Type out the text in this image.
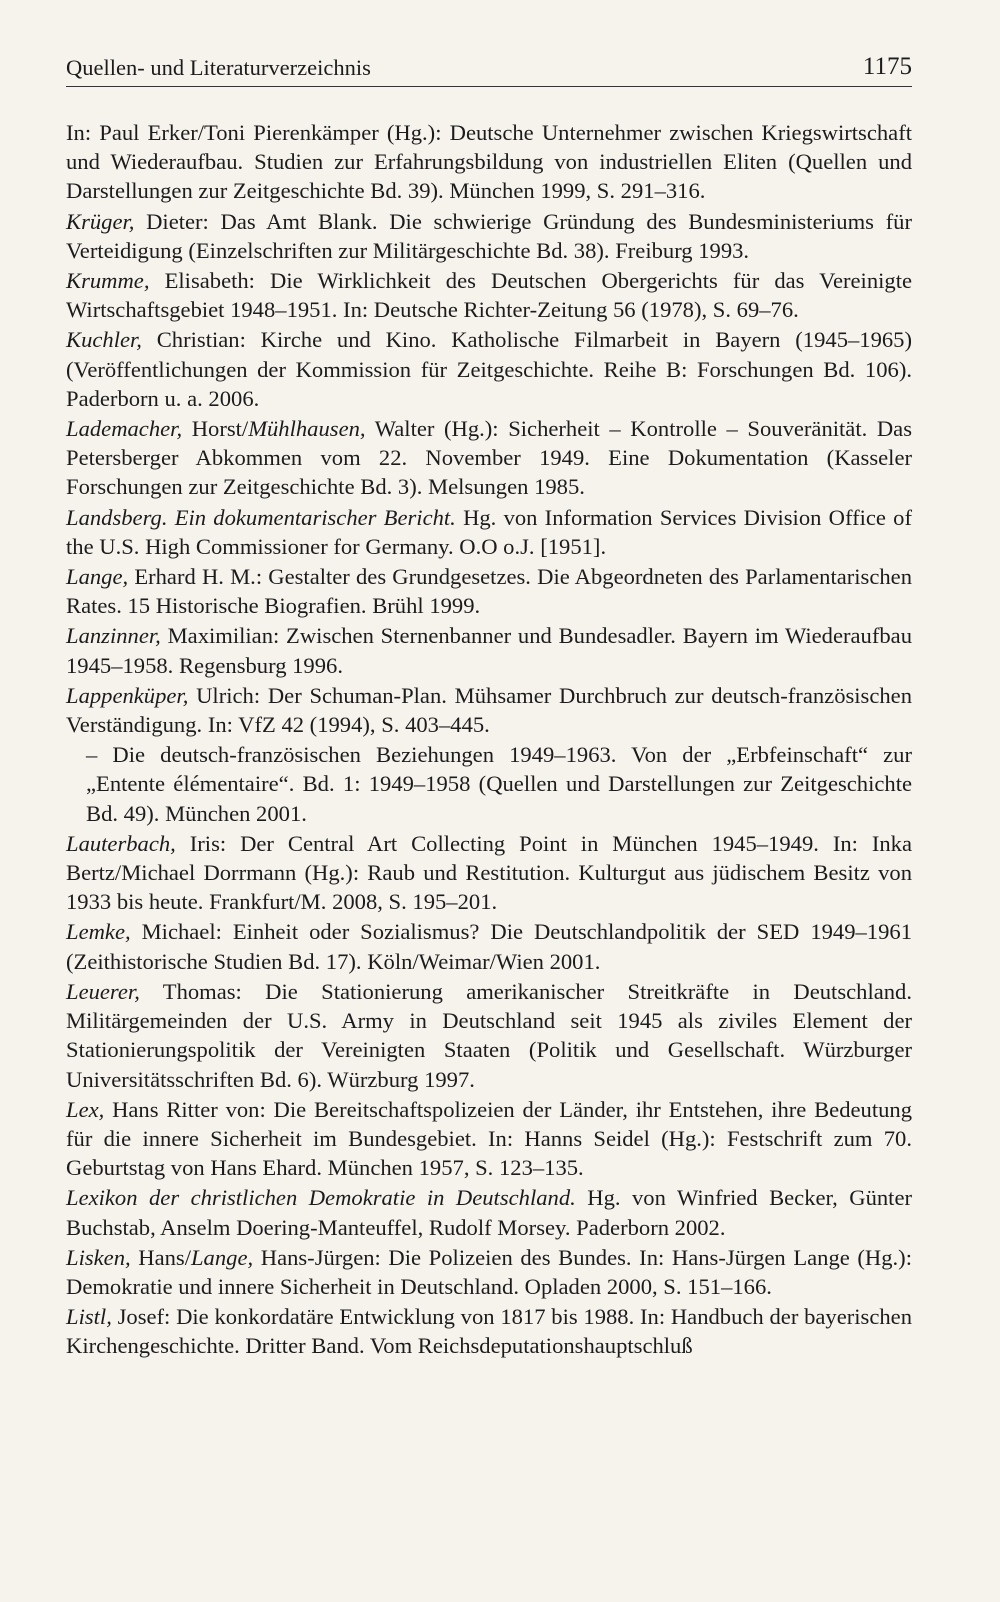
Quellen- und Literaturverzeichnis	1175

In: Paul Erker/Toni Pierenkämper (Hg.): Deutsche Unternehmer zwischen Kriegswirtschaft und Wiederaufbau. Studien zur Erfahrungsbildung von industriellen Eliten (Quellen und Darstellungen zur Zeitgeschichte Bd. 39). München 1999, S. 291–316.

Krüger, Dieter: Das Amt Blank. Die schwierige Gründung des Bundesministeriums für Verteidigung (Einzelschriften zur Militärgeschichte Bd. 38). Freiburg 1993.

Krumme, Elisabeth: Die Wirklichkeit des Deutschen Obergerichts für das Vereinigte Wirtschaftsgebiet 1948–1951. In: Deutsche Richter-Zeitung 56 (1978), S. 69–76.

Kuchler, Christian: Kirche und Kino. Katholische Filmarbeit in Bayern (1945–1965) (Veröffentlichungen der Kommission für Zeitgeschichte. Reihe B: Forschungen Bd. 106). Paderborn u. a. 2006.

Lademacher, Horst/Mühlhausen, Walter (Hg.): Sicherheit – Kontrolle – Souveränität. Das Petersberger Abkommen vom 22. November 1949. Eine Dokumentation (Kasseler Forschungen zur Zeitgeschichte Bd. 3). Melsungen 1985.

Landsberg. Ein dokumentarischer Bericht. Hg. von Information Services Division Office of the U.S. High Commissioner for Germany. O.O o.J. [1951].

Lange, Erhard H. M.: Gestalter des Grundgesetzes. Die Abgeordneten des Parlamentarischen Rates. 15 Historische Biografien. Brühl 1999.

Lanzinner, Maximilian: Zwischen Sternenbanner und Bundesadler. Bayern im Wiederaufbau 1945–1958. Regensburg 1996.

Lappenküper, Ulrich: Der Schuman-Plan. Mühsamer Durchbruch zur deutsch-französischen Verständigung. In: VfZ 42 (1994), S. 403–445.

– Die deutsch-französischen Beziehungen 1949–1963. Von der „Erbfeinschaft“ zur „Entente élémentaire“. Bd. 1: 1949–1958 (Quellen und Darstellungen zur Zeitgeschichte Bd. 49). München 2001.

Lauterbach, Iris: Der Central Art Collecting Point in München 1945–1949. In: Inka Bertz/Michael Dorrmann (Hg.): Raub und Restitution. Kulturgut aus jüdischem Besitz von 1933 bis heute. Frankfurt/M. 2008, S. 195–201.

Lemke, Michael: Einheit oder Sozialismus? Die Deutschlandpolitik der SED 1949–1961 (Zeithistorische Studien Bd. 17). Köln/Weimar/Wien 2001.

Leuerer, Thomas: Die Stationierung amerikanischer Streitkräfte in Deutschland. Militärgemeinden der U.S. Army in Deutschland seit 1945 als ziviles Element der Stationierungspolitik der Vereinigten Staaten (Politik und Gesellschaft. Würzburger Universitätsschriften Bd. 6). Würzburg 1997.

Lex, Hans Ritter von: Die Bereitschaftspolizeien der Länder, ihr Entstehen, ihre Bedeutung für die innere Sicherheit im Bundesgebiet. In: Hanns Seidel (Hg.): Festschrift zum 70. Geburtstag von Hans Ehard. München 1957, S. 123–135.

Lexikon der christlichen Demokratie in Deutschland. Hg. von Winfried Becker, Günter Buchstab, Anselm Doering-Manteuffel, Rudolf Morsey. Paderborn 2002.

Lisken, Hans/Lange, Hans-Jürgen: Die Polizeien des Bundes. In: Hans-Jürgen Lange (Hg.): Demokratie und innere Sicherheit in Deutschland. Opladen 2000, S. 151–166.

Listl, Josef: Die konkordatäre Entwicklung von 1817 bis 1988. In: Handbuch der bayerischen Kirchengeschichte. Dritter Band. Vom Reichsdeputationshauptschluß
